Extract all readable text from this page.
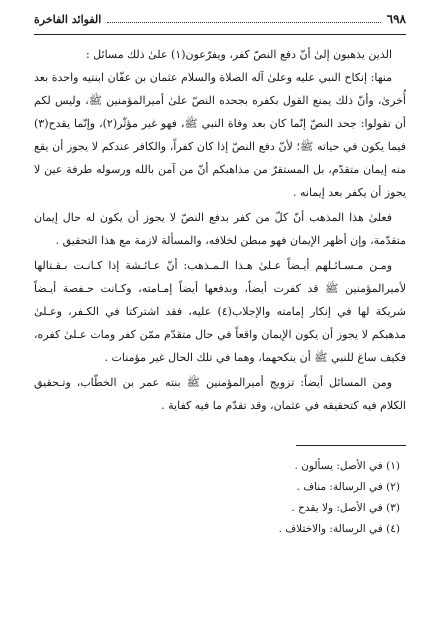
٦٩٨
الفوائد الفاخرة

الذين يذهبون إلىٰ أنّ دفع النصّ كفر، ويفرّعون(١) علىٰ ذلك مسائل :

منها: إنكاح النبي عليه وعلىٰ آله الصلاة والسلام عثمان بن عفّان ابنتيه واحدة بعد أُخرىٰ، وأنّ ذلك يمنع القول بكفره بجحده النصّ علىٰ أميرالمؤمنين ﷺ، وليس لكم أن تقولوا: جحد النصّ إنّما كان بعد وفاة النبي ﷺ، فهو غير مؤثّر(٢)، وإنّما يقدح(٣) فيما يكون في حياته ﷺ؛ لأنّ دفع النصّ إذا كان كفراً، والكافر عندكم لا يجوز أن يقع منه إيمان متقدّم، بل المستقرّ من مذاهبكم أنّ من آمن بالله ورسوله طرفة عين لا يجوز أن يكفر بعد إيمانه .

فعلىٰ هذا المذهب أنّ كلّ من كفر بدفع النصّ لا يجوز أن يكون له حال إيمان متقدّمة، وإن أظهر الإيمان فهو مبطن لخلافه، والمسألة لازمة مع هذا التحقيق .

ومـن مـسـائـلهم أيـضاً عـلىٰ هـذا الـمـذهب: أنّ عـائـشة إذا كـانـت بـقـتالها لأميرالمؤمنين ﷺ قد كفرت أيضاً، وبدفعها أيضاً إمـامته، وكـانت حـفصة أيـضاً شريكة لها في إنكار إمامته والإجلاب(٤) عليه، فقد اشتركتا في الكـفر، وعـلىٰ مذهبكم لا يجوز أن يكون الإيمان واقعاً في حال متقدّم ممّن كفر ومات عـلىٰ كفره، فكيف ساغ للنبي ﷺ أن ينكحهما، وهما في تلك الحال غير مؤمنات .

ومن المسائل أيضاً: تزويج أميرالمؤمنين ﷺ بنته عمر بن الخطّاب، وتـحقيق الكلام فيه كتحقيقه في عثمان، وقد تقدّم ما فيه كفاية .

(١) في الأصل: يسألون .
(٢) في الرسالة: مناف .
(٣) في الأصل: ولا يقدح .
(٤) في الرسالة: والاختلاف .
